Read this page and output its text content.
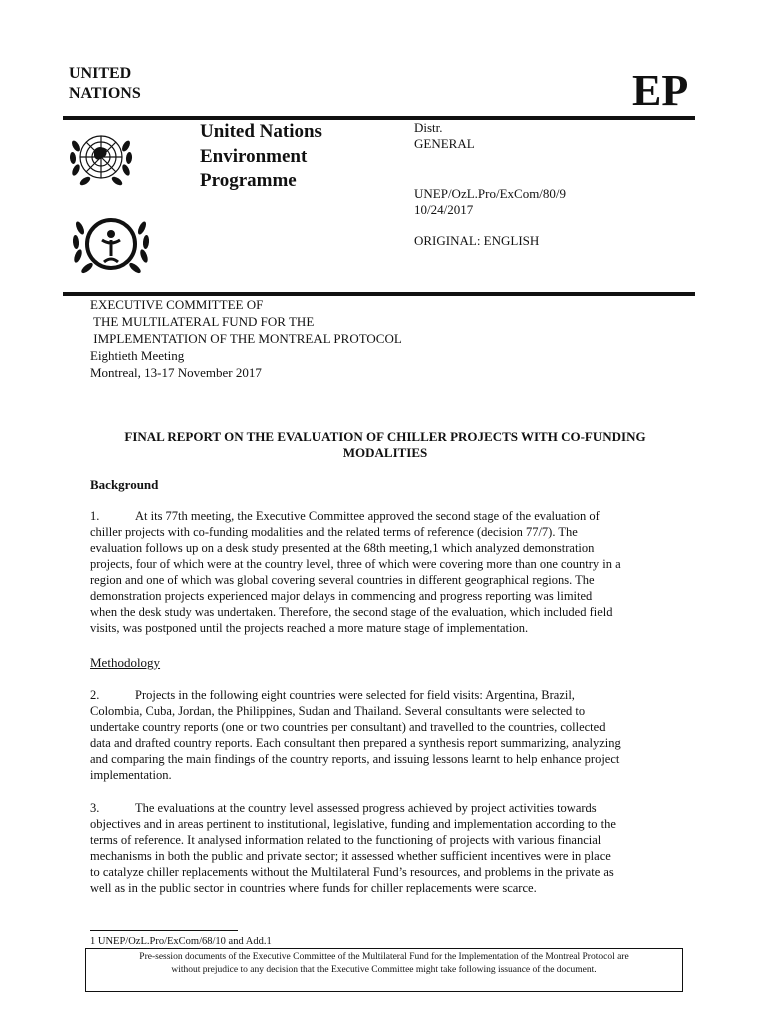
UNITED
NATIONS	EP
United Nations
Environment
Programme
Distr.
GENERAL
UNEP/OzL.Pro/ExCom/80/9
10/24/2017
ORIGINAL: ENGLISH
EXECUTIVE COMMITTEE OF
THE MULTILATERAL FUND FOR THE
IMPLEMENTATION OF THE MONTREAL PROTOCOL
Eightieth Meeting
Montreal, 13-17 November 2017
FINAL REPORT ON THE EVALUATION OF CHILLER PROJECTS WITH CO-FUNDING
MODALITIES
Background
1.	At its 77th meeting, the Executive Committee approved the second stage of the evaluation of
chiller projects with co-funding modalities and the related terms of reference (decision 77/7). The
evaluation follows up on a desk study presented at the 68th meeting,1 which analyzed demonstration
projects, four of which were at the country level, three of which were covering more than one country in a
region and one of which was global covering several countries in different geographical regions. The
demonstration projects experienced major delays in commencing and progress reporting was limited
when the desk study was undertaken. Therefore, the second stage of the evaluation, which included field
visits, was postponed until the projects reached a more mature stage of implementation.
Methodology
2.	Projects in the following eight countries were selected for field visits: Argentina, Brazil,
Colombia, Cuba, Jordan, the Philippines, Sudan and Thailand. Several consultants were selected to
undertake country reports (one or two countries per consultant) and travelled to the countries, collected
data and drafted country reports. Each consultant then prepared a synthesis report summarizing, analyzing
and comparing the main findings of the country reports, and issuing lessons learnt to help enhance project
implementation.
3.	The evaluations at the country level assessed progress achieved by project activities towards
objectives and in areas pertinent to institutional, legislative, funding and implementation according to the
terms of reference. It analysed information related to the functioning of projects with various financial
mechanisms in both the public and private sector; it assessed whether sufficient incentives were in place
to catalyze chiller replacements without the Multilateral Fund’s resources, and problems in the private as
well as in the public sector in countries where funds for chiller replacements were scarce.
1 UNEP/OzL.Pro/ExCom/68/10 and Add.1
Pre-session documents of the Executive Committee of the Multilateral Fund for the Implementation of the Montreal Protocol are
without prejudice to any decision that the Executive Committee might take following issuance of the document.
